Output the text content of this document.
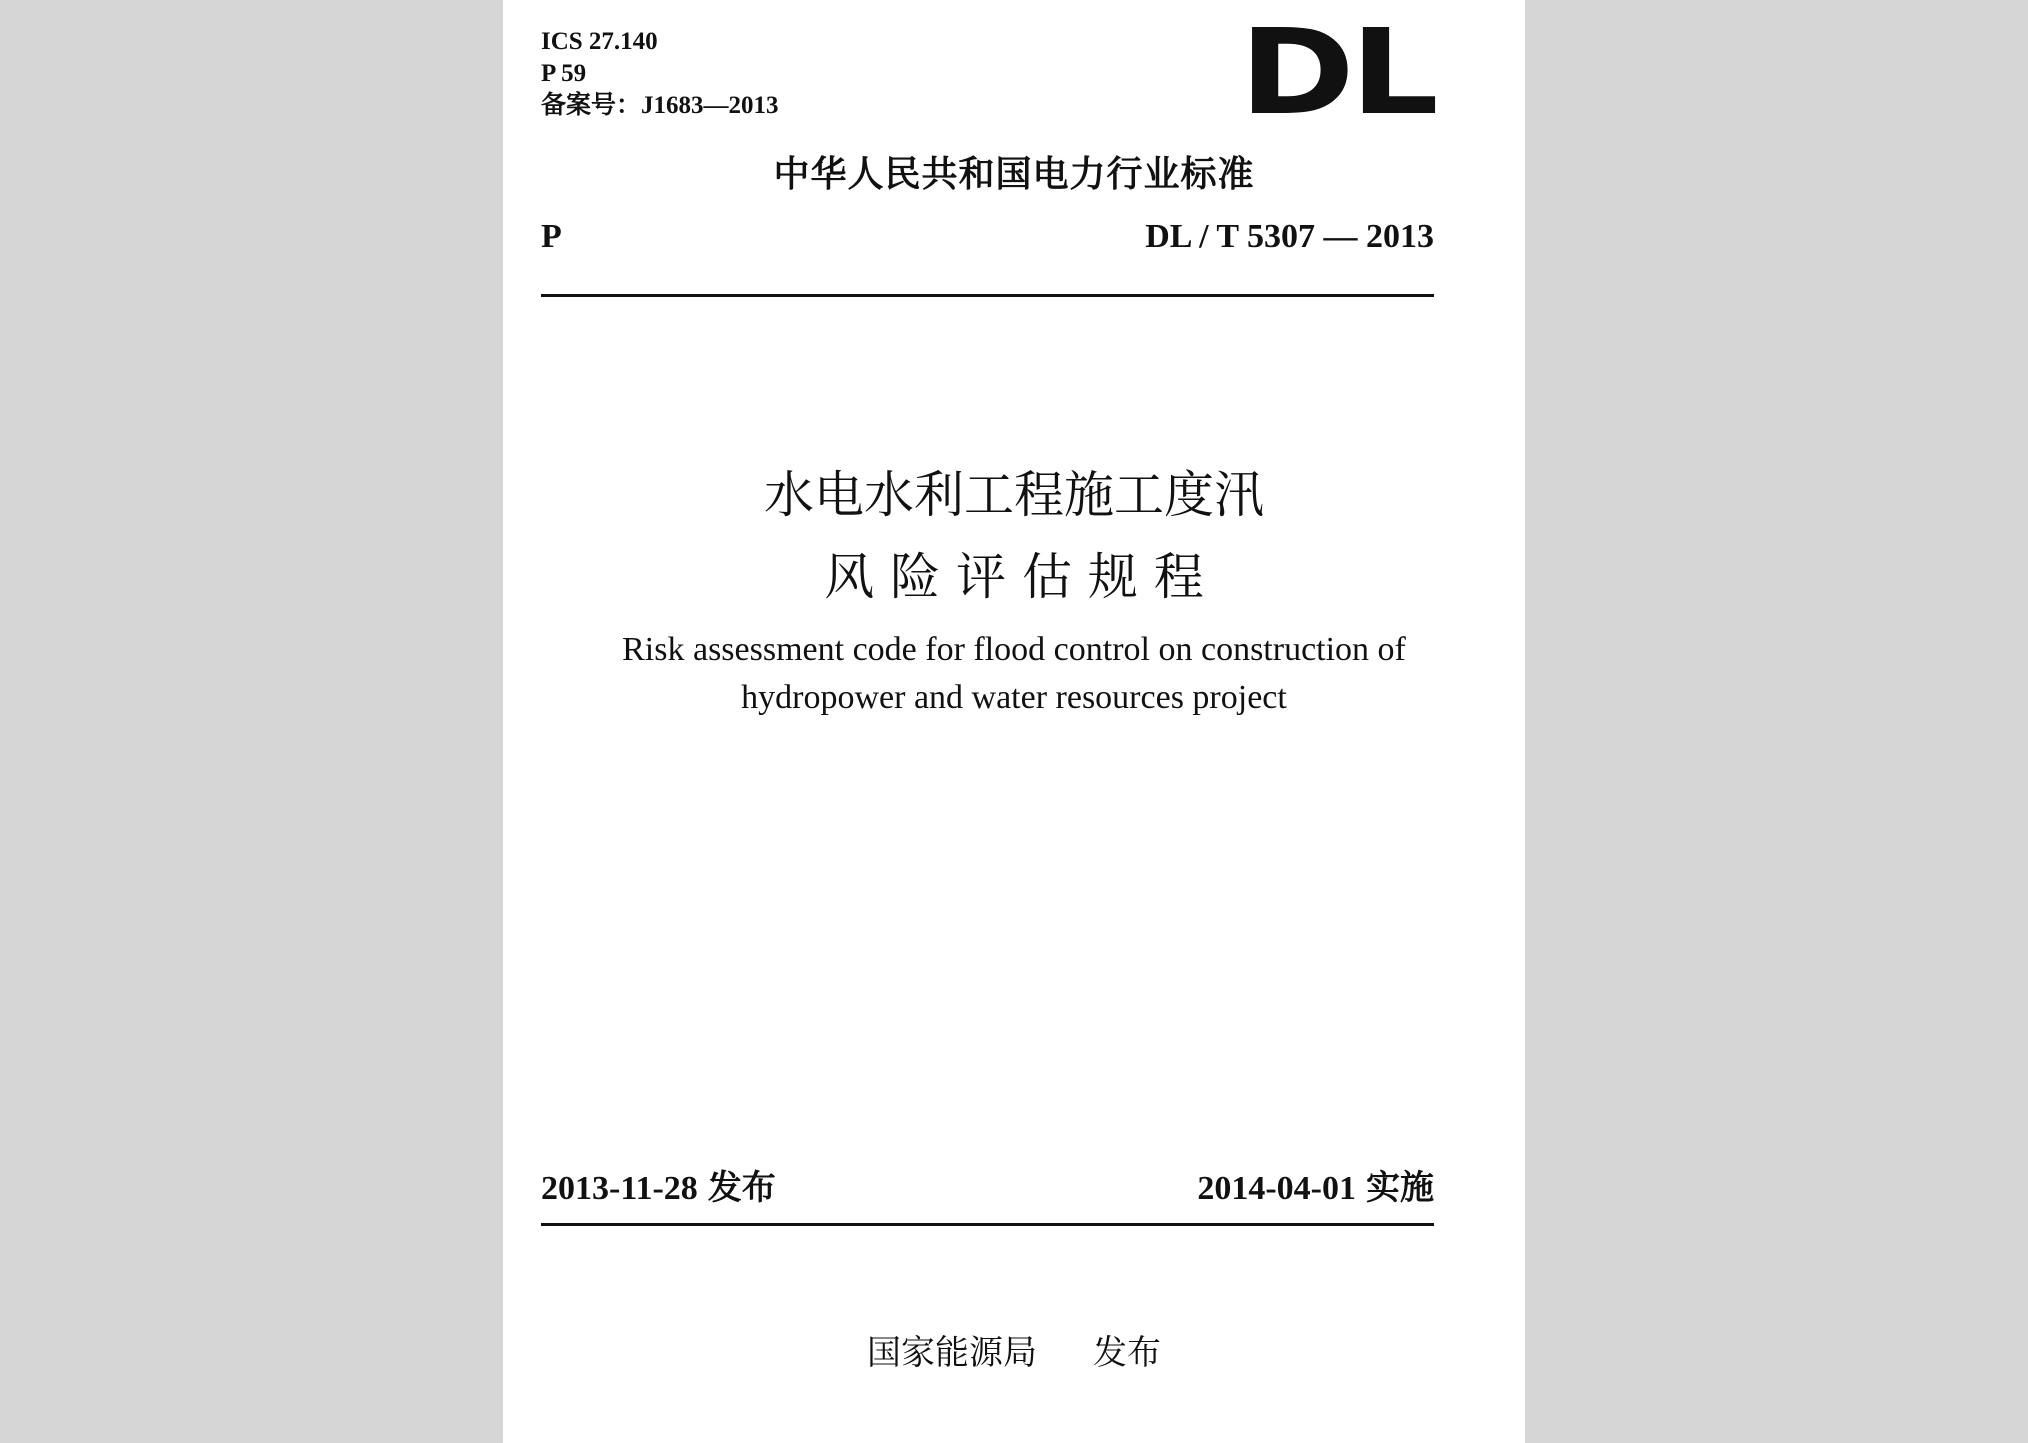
ICS 27.140
P 59
备案号：J1683—2013	DL
中华人民共和国电力行业标准
P	DL / T 5307 — 2013
水电水利工程施工度汛
风 险 评 估 规 程
Risk assessment code for flood control on construction of
hydropower and water resources project
2013-11-28 发布	2014-04-01 实施
国家能源局 发布
